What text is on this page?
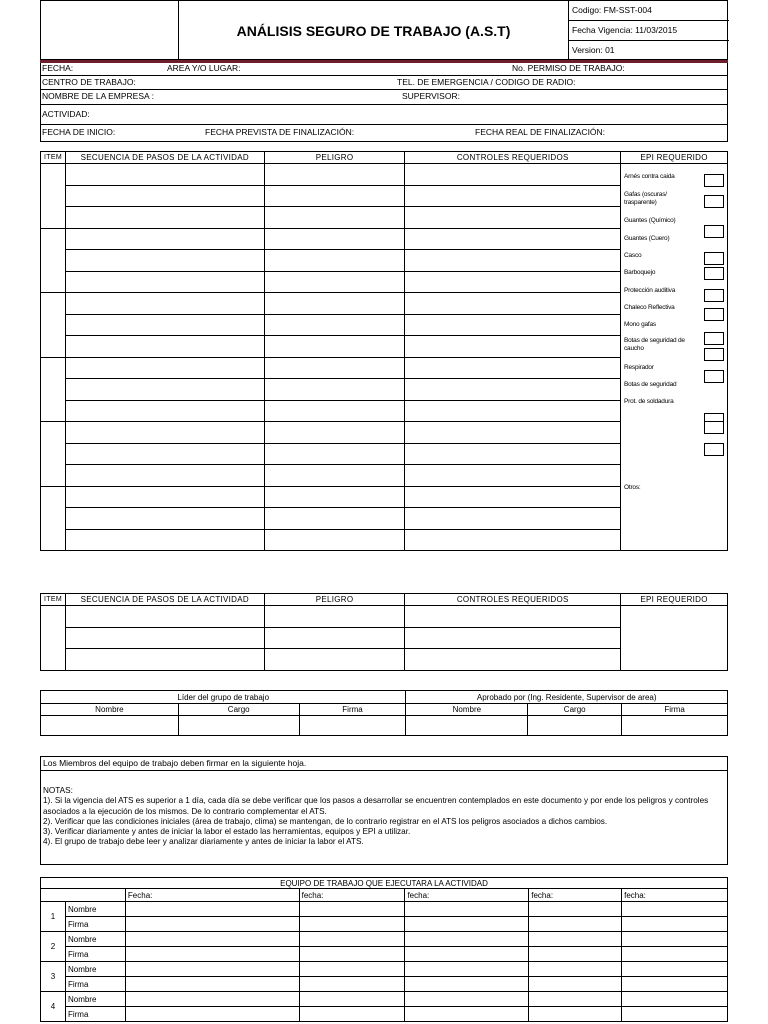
ANÁLISIS SEGURO DE TRABAJO (A.S.T)
Codigo: FM-SST-004
Fecha Vigencia: 11/03/2015
Version: 01
FECHA:	AREA Y/O LUGAR:	No. PERMISO DE TRABAJO:
CENTRO DE TRABAJO:	TEL. DE EMERGENCIA / CODIGO DE RADIO:
NOMBRE DE LA EMPRESA :	SUPERVISOR:
ACTIVIDAD:
FECHA DE INICIO:	FECHA PREVISTA DE FINALIZACIÓN:	FECHA REAL DE FINALIZACIÓN:
ITEM	SECUENCIA DE PASOS DE LA ACTIVIDAD	PELIGRO	CONTROLES REQUERIDOS	EPI REQUERIDO

Arnés contra caida
Gafas (oscuras/ trasparente)
Guantes (Químico)
Guantes (Cuero)
Casco
Barboquejo
Protección auditiva
Chaleco Reflectiva
Mono gafas
Botas de seguridad de caucho
Respirador
Botas de seguridad
Prot. de soldadura
Otros:
ITEM	SECUENCIA DE PASOS DE LA ACTIVIDAD	PELIGRO	CONTROLES REQUERIDOS	EPI REQUERIDO

Líder del grupo de trabajo			Aprobado por (Ing. Residente, Supervisor de area)		
Nombre	Cargo	Firma	Nombre	Cargo	Firma

Los Miembros del equipo de trabajo deben firmar en la siguiente hoja.
NOTAS:
1). Si la vigencia del ATS es superior a 1 día, cada día se debe verificar que los pasos a desarrollar se encuentren contemplados en este documento y por ende los peligros y controles asociados a la ejecución de los mismos. De lo contrario complementar el ATS.
2). Verificar que las condiciones iniciales (área de trabajo, clima) se mantengan, de lo contrario registrar en el ATS los peligros asociados a dichos cambios.
3). Verificar diariamente y antes de iniciar la labor el estado las herramientas, equipos y EPI a utilizar.
4). El grupo de trabajo debe leer y analizar diariamente y antes de iniciar la labor el ATS.
EQUIPO DE TRABAJO QUE EJECUTARA LA ACTIVIDAD						
		Fecha:	fecha:	fecha:	fecha:	fecha:
1	Nombre					
	Firma					
2	Nombre					
	Firma					
3	Nombre					
	Firma					
4	Nombre					
	Firma					
